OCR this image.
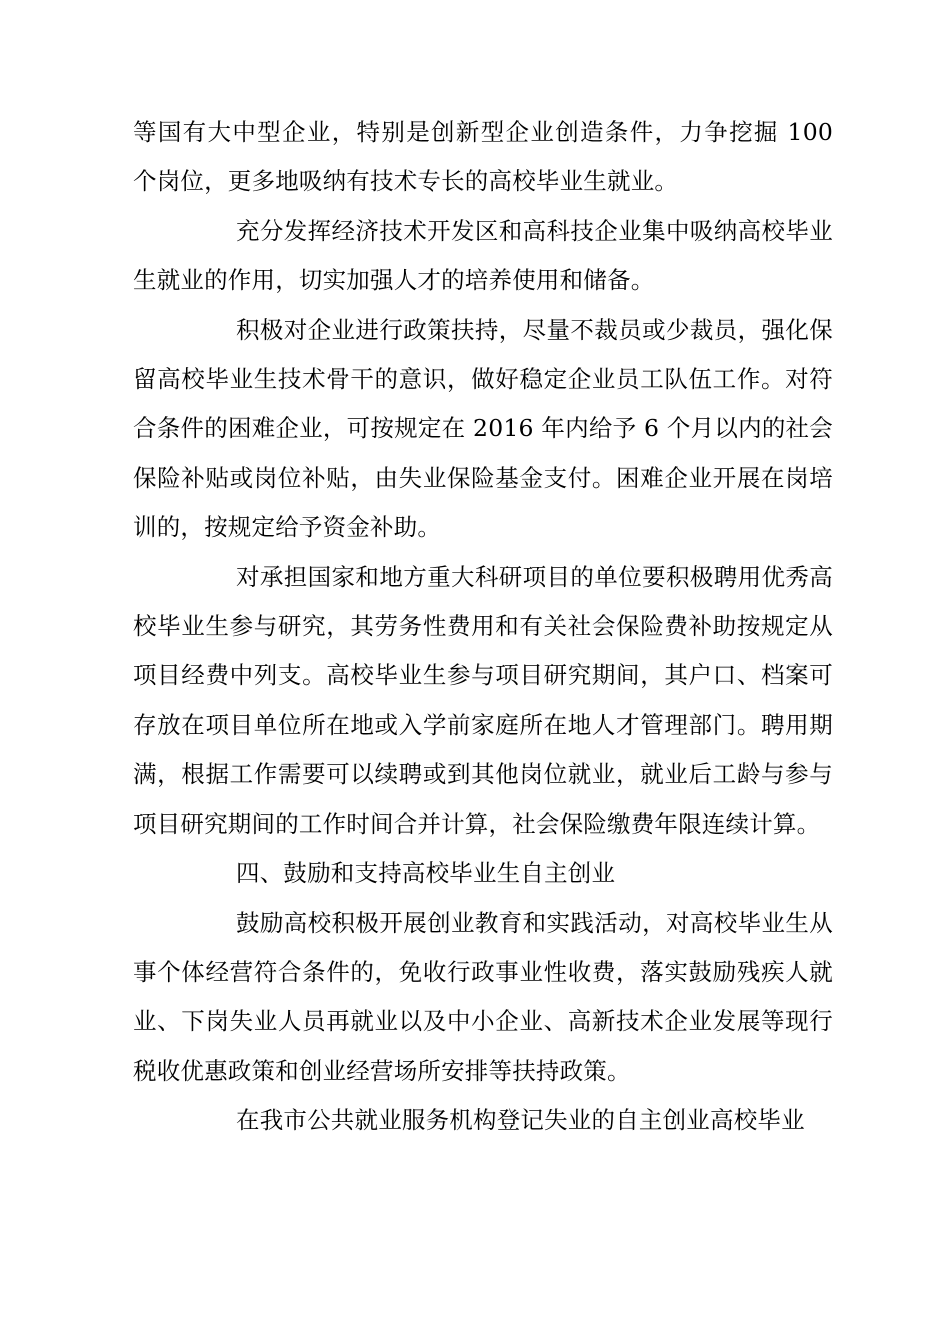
等国有大中型企业，特别是创新型企业创造条件，力争挖掘 100 个岗位，更多地吸纳有技术专长的高校毕业生就业。

充分发挥经济技术开发区和高科技企业集中吸纳高校毕业生就业的作用，切实加强人才的培养使用和储备。

积极对企业进行政策扶持，尽量不裁员或少裁员，强化保留高校毕业生技术骨干的意识，做好稳定企业员工队伍工作。对符合条件的困难企业，可按规定在 2016 年内给予 6 个月以内的社会保险补贴或岗位补贴，由失业保险基金支付。困难企业开展在岗培训的，按规定给予资金补助。

对承担国家和地方重大科研项目的单位要积极聘用优秀高校毕业生参与研究，其劳务性费用和有关社会保险费补助按规定从项目经费中列支。高校毕业生参与项目研究期间，其户口、档案可存放在项目单位所在地或入学前家庭所在地人才管理部门。聘用期满，根据工作需要可以续聘或到其他岗位就业，就业后工龄与参与项目研究期间的工作时间合并计算，社会保险缴费年限连续计算。

四、鼓励和支持高校毕业生自主创业

鼓励高校积极开展创业教育和实践活动，对高校毕业生从事个体经营符合条件的，免收行政事业性收费，落实鼓励残疾人就业、下岗失业人员再就业以及中小企业、高新技术企业发展等现行税收优惠政策和创业经营场所安排等扶持政策。

在我市公共就业服务机构登记失业的自主创业高校毕业
